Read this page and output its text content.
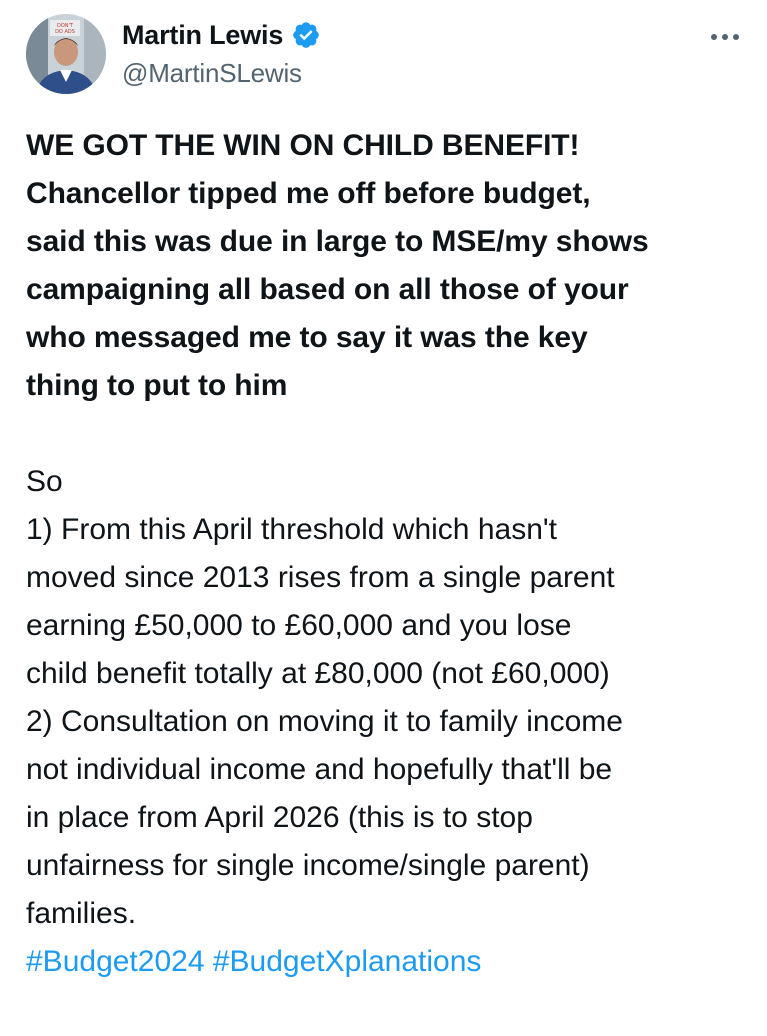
DON'T
DO ADS Martin Lewis
@MartinSLewis

WE GOT THE WIN ON CHILD BENEFIT!

Chancellor tipped me off before budget,

said this was due in large to MSE/my shows

campaigning all based on all those of your

who messaged me to say it was the key

thing to put to him

So

1) From this April threshold which hasn't

moved since 2013 rises from a single parent

earning £50,000 to £60,000 and you lose

child benefit totally at £80,000 (not £60,000)

2) Consultation on moving it to family income

not individual income and hopefully that'll be

in place from April 2026 (this is to stop

unfairness for single income/single parent)

families.

#Budget2024 #BudgetXplanations
